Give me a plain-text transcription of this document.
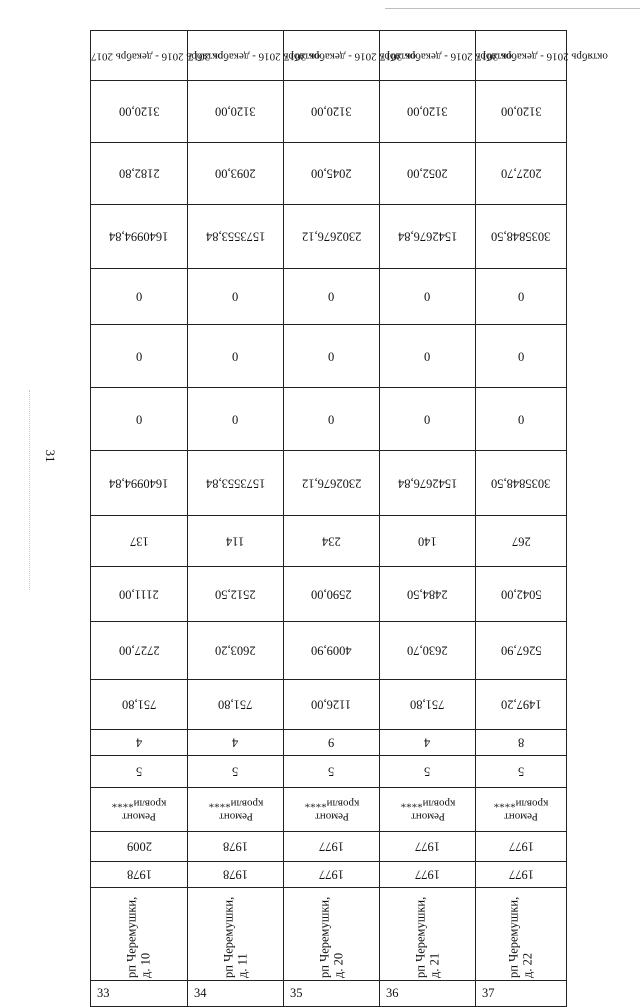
31
октябрь 2016 - декабрь 2017	октябрь 2016 - декабрь 2017	октябрь 2016 - декабрь 2017	октябрь 2016 - декабрь 2017	октябрь 2016 - декабрь 2017
3120,00	3120,00	3120,00	3120,00	3120,00
2182,80	2093,00	2045,00	2052,00	2027,70
1640994,84	1573553,84	2302676,12	1542676,84	3035848,50
0	0	0	0	0
0	0	0	0	0
0	0	0	0	0
1640994,84	1573553,84	2302676,12	1542676,84	3035848,50
137	114	234	140	267
2111,00	2512,50	2590,00	2484,50	5042,00
2727,00	2603,20	4009,90	2630,70	5267,90
751,80	751,80	1126,00	751,80	1497,20
4	4	9	4	8
5	5	5	5	5
Ремонт кровли****	Ремонт кровли****	Ремонт кровли****	Ремонт кровли****	Ремонт кровли****
2009	1978	1977	1977	1977
1978	1978	1977	1977	1977

рп Черемушки, д. 10	рп Черемушки, д. 11	рп Черемушки, д. 20	рп Черемушки, д. 21	рп Черемушки, д. 22

33	34	35	36	37
